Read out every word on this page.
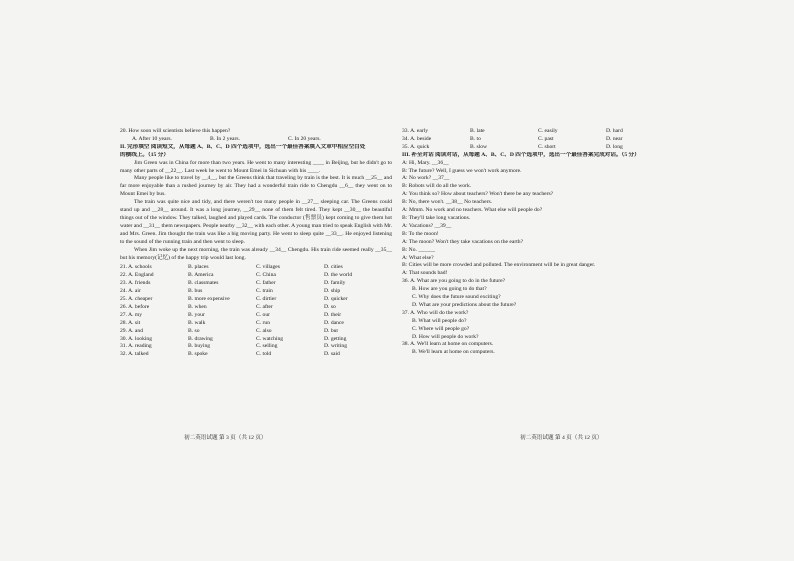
20. How soon will scientists believe this happen?
A. After 10 years.	B. In 2 years.	C. In 20 years.
II. 完形填空 阅读短文，从每题 A、B、C、D 四个选项中，选出一个最佳答案填入文章中相应空白处
的横线上。（15 分）
Jim Green was in China for more than two years. He went to many interesting ____ in Beijing, but he didn't go to many other parts of __22__. Last week he went to Mount Emei in Sichuan with his ____.
Many people like to travel by __4__, but the Greens think that traveling by train is the best. It is much __25__ and far more enjoyable than a rushed journey by air. They had a wonderful train ride to Chengdu __6__ they went on to Mount Emei by bus.
The train was quite nice and tidy, and there weren't too many people in __27__ sleeping car. The Greens could stand up and __28__ around. It was a long journey, __29__ none of them felt tired. They kept __30__ the beautiful things out of the window. They talked, laughed and played cards. The conductor (售票员) kept coming to give them hot water and __31__ them newspapers. People nearby __32__ with each other. A young man tried to speak English with Mr. and Mrs. Green. Jim thought the train was like a big moving party. He went to sleep quite __33__. He enjoyed listening to the sound of the running train and then went to sleep.
When Jim woke up the next morning, the train was already __34__ Chengdu. His train ride seemed really __35__ but his memory(记忆) of the happy trip would last long.
21. A. schools	B. places	C. villages	D. cities
22. A. England	B. America	C. China	D. the world
23. A. friends	B. classmates	C. father	D. family
24. A. air	B. bus	C. train	D. ship
25. A. cheaper	B. more expensive	C. dirtier	D. quicker
26. A. before	B. when	C. after	D. so
27. A. my	B. your	C. our	D. their
28. A. sit	B. walk	C. run	D. dance
29. A. and	B. so	C. also	D. but
30. A. looking	B. drawing	C. watching	D. getting
31. A. reading	B. buying	C. selling	D. writing
32. A. talked	B. spoke	C. told	D. said
33. A. early	B. late	C. easily	D. hard
34. A. beside	B. to	C. past	D. near
35. A. quick	B. slow	C. short	D. long
III. 补全对话 阅读对话，从每题 A、B、C、D 四个选项中，选出一个最佳答案完成对话。（5 分）
A: Hi, Mary. __36__
B: The future? Well, I guess we won't work anymore.
A: No work? __37__
B: Robots will do all the work.
A: You think so? How about teachers? Won't there be any teachers?
B: No, there won't. __38__ No teachers.
A: Mmm. No work and no teachers. What else will people do?
B: They'll take long vacations.
A: Vacations? __39__
B: To the moon!
A: The moon? Won't they take vacations on the earth?
B: No. ______
A: What else?
B: Cities will be more crowded and polluted. The environment will be in great danger.
A: That sounds bad!
36. A. What are you going to do in the future?
B. How are you going to do that?
C. Why does the future sound exciting?
D. What are your predictions about the future?
37. A. Who will do the work?
B. What will people do?
C. Where will people go?
D. How will people do work?
38. A. We'll learn at home on computers.
B. We'll learn at home on computers.
初二英语试题 第 3 页（共 12 页）	初二英语试题 第 4 页（共 12 页）
